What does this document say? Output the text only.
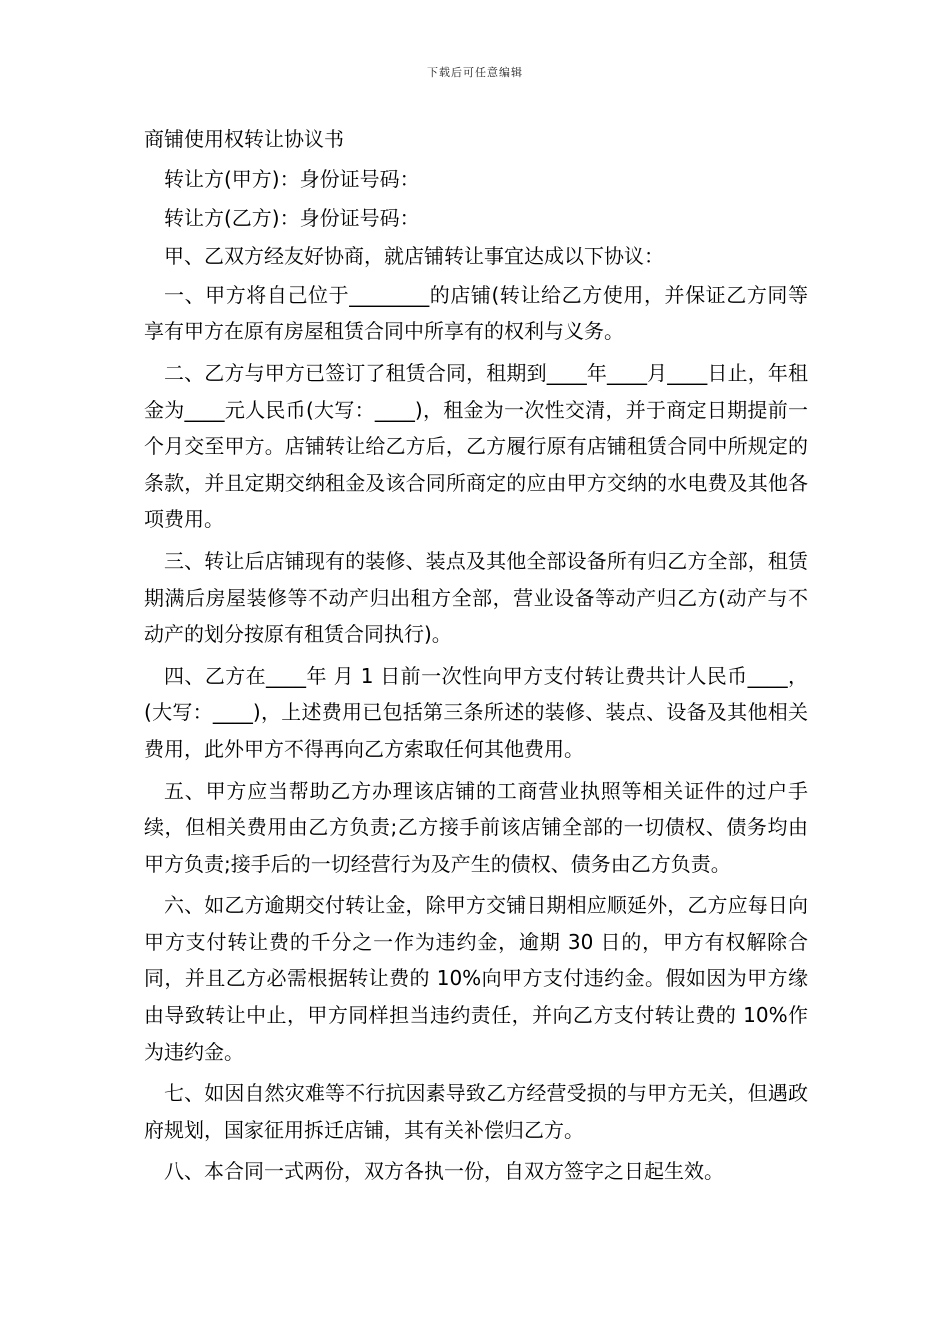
下载后可任意编辑
商铺使用权转让协议书

转让方(甲方)：身份证号码：

转让方(乙方)：身份证号码：

甲、乙双方经友好协商，就店铺转让事宜达成以下协议：

一、甲方将自己位于________的店铺(转让给乙方使用，并保证乙方同等享有甲方在原有房屋租赁合同中所享有的权利与义务。

二、乙方与甲方已签订了租赁合同，租期到____年____月____日止，年租金为____元人民币(大写：____)，租金为一次性交清，并于商定日期提前一个月交至甲方。店铺转让给乙方后，乙方履行原有店铺租赁合同中所规定的条款，并且定期交纳租金及该合同所商定的应由甲方交纳的水电费及其他各项费用。

三、转让后店铺现有的装修、装点及其他全部设备所有归乙方全部，租赁期满后房屋装修等不动产归出租方全部，营业设备等动产归乙方(动产与不动产的划分按原有租赁合同执行)。

四、乙方在____年 月 1 日前一次性向甲方支付转让费共计人民币____，(大写：____)，上述费用已包括第三条所述的装修、装点、设备及其他相关费用，此外甲方不得再向乙方索取任何其他费用。

五、甲方应当帮助乙方办理该店铺的工商营业执照等相关证件的过户手续，但相关费用由乙方负责;乙方接手前该店铺全部的一切债权、债务均由甲方负责;接手后的一切经营行为及产生的债权、债务由乙方负责。

六、如乙方逾期交付转让金，除甲方交铺日期相应顺延外，乙方应每日向甲方支付转让费的千分之一作为违约金，逾期 30 日的，甲方有权解除合同，并且乙方必需根据转让费的 10%向甲方支付违约金。假如因为甲方缘由导致转让中止，甲方同样担当违约责任，并向乙方支付转让费的 10%作为违约金。

七、如因自然灾难等不行抗因素导致乙方经营受损的与甲方无关，但遇政府规划，国家征用拆迁店铺，其有关补偿归乙方。

八、本合同一式两份，双方各执一份，自双方签字之日起生效。
